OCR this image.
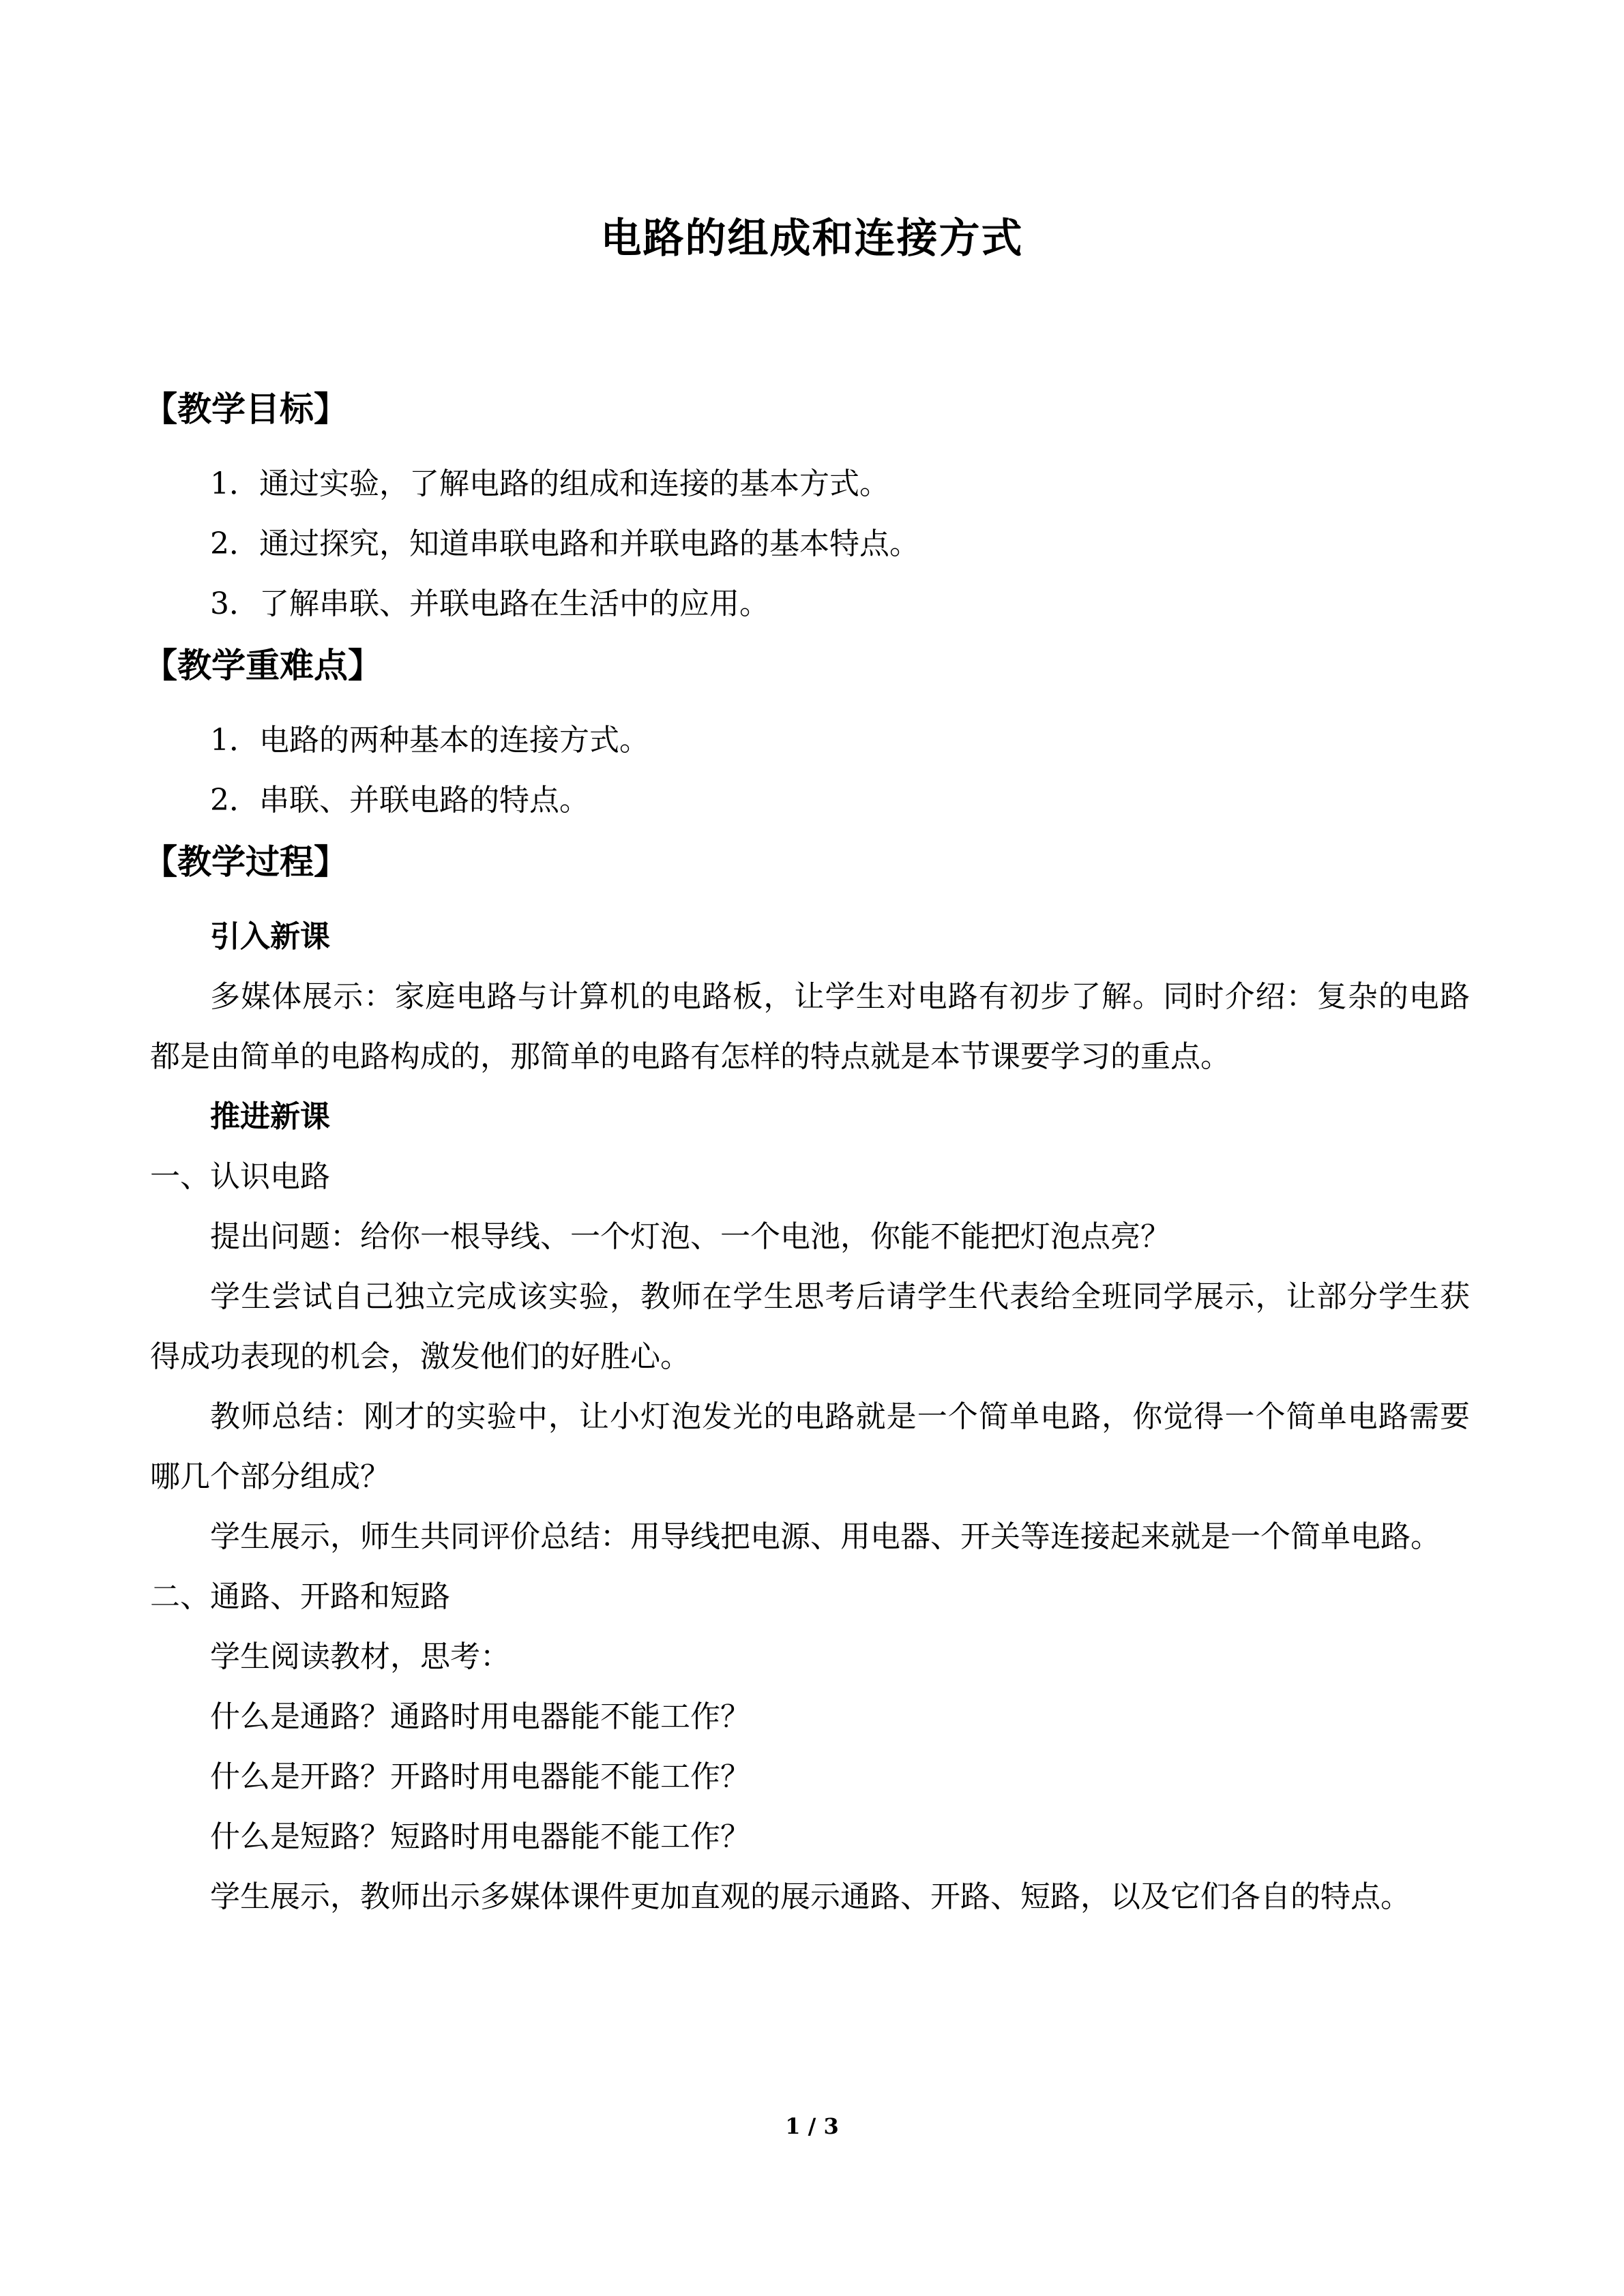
电路的组成和连接方式
【教学目标】
1．通过实验，了解电路的组成和连接的基本方式。
2．通过探究，知道串联电路和并联电路的基本特点。
3．了解串联、并联电路在生活中的应用。
【教学重难点】
1．电路的两种基本的连接方式。
2．串联、并联电路的特点。
【教学过程】
引入新课

多媒体展示：家庭电路与计算机的电路板，让学生对电路有初步了解。同时介绍：复杂的电路都是由简单的电路构成的，那简单的电路有怎样的特点就是本节课要学习的重点。

推进新课
一、认识电路

提出问题：给你一根导线、一个灯泡、一个电池，你能不能把灯泡点亮？

学生尝试自己独立完成该实验，教师在学生思考后请学生代表给全班同学展示，让部分学生获得成功表现的机会，激发他们的好胜心。

教师总结：刚才的实验中，让小灯泡发光的电路就是一个简单电路，你觉得一个简单电路需要哪几个部分组成？

学生展示，师生共同评价总结：用导线把电源、用电器、开关等连接起来就是一个简单电路。

二、通路、开路和短路

学生阅读教材，思考：

什么是通路？通路时用电器能不能工作？

什么是开路？开路时用电器能不能工作？

什么是短路？短路时用电器能不能工作？

学生展示，教师出示多媒体课件更加直观的展示通路、开路、短路，以及它们各自的特点。

1 / 3
